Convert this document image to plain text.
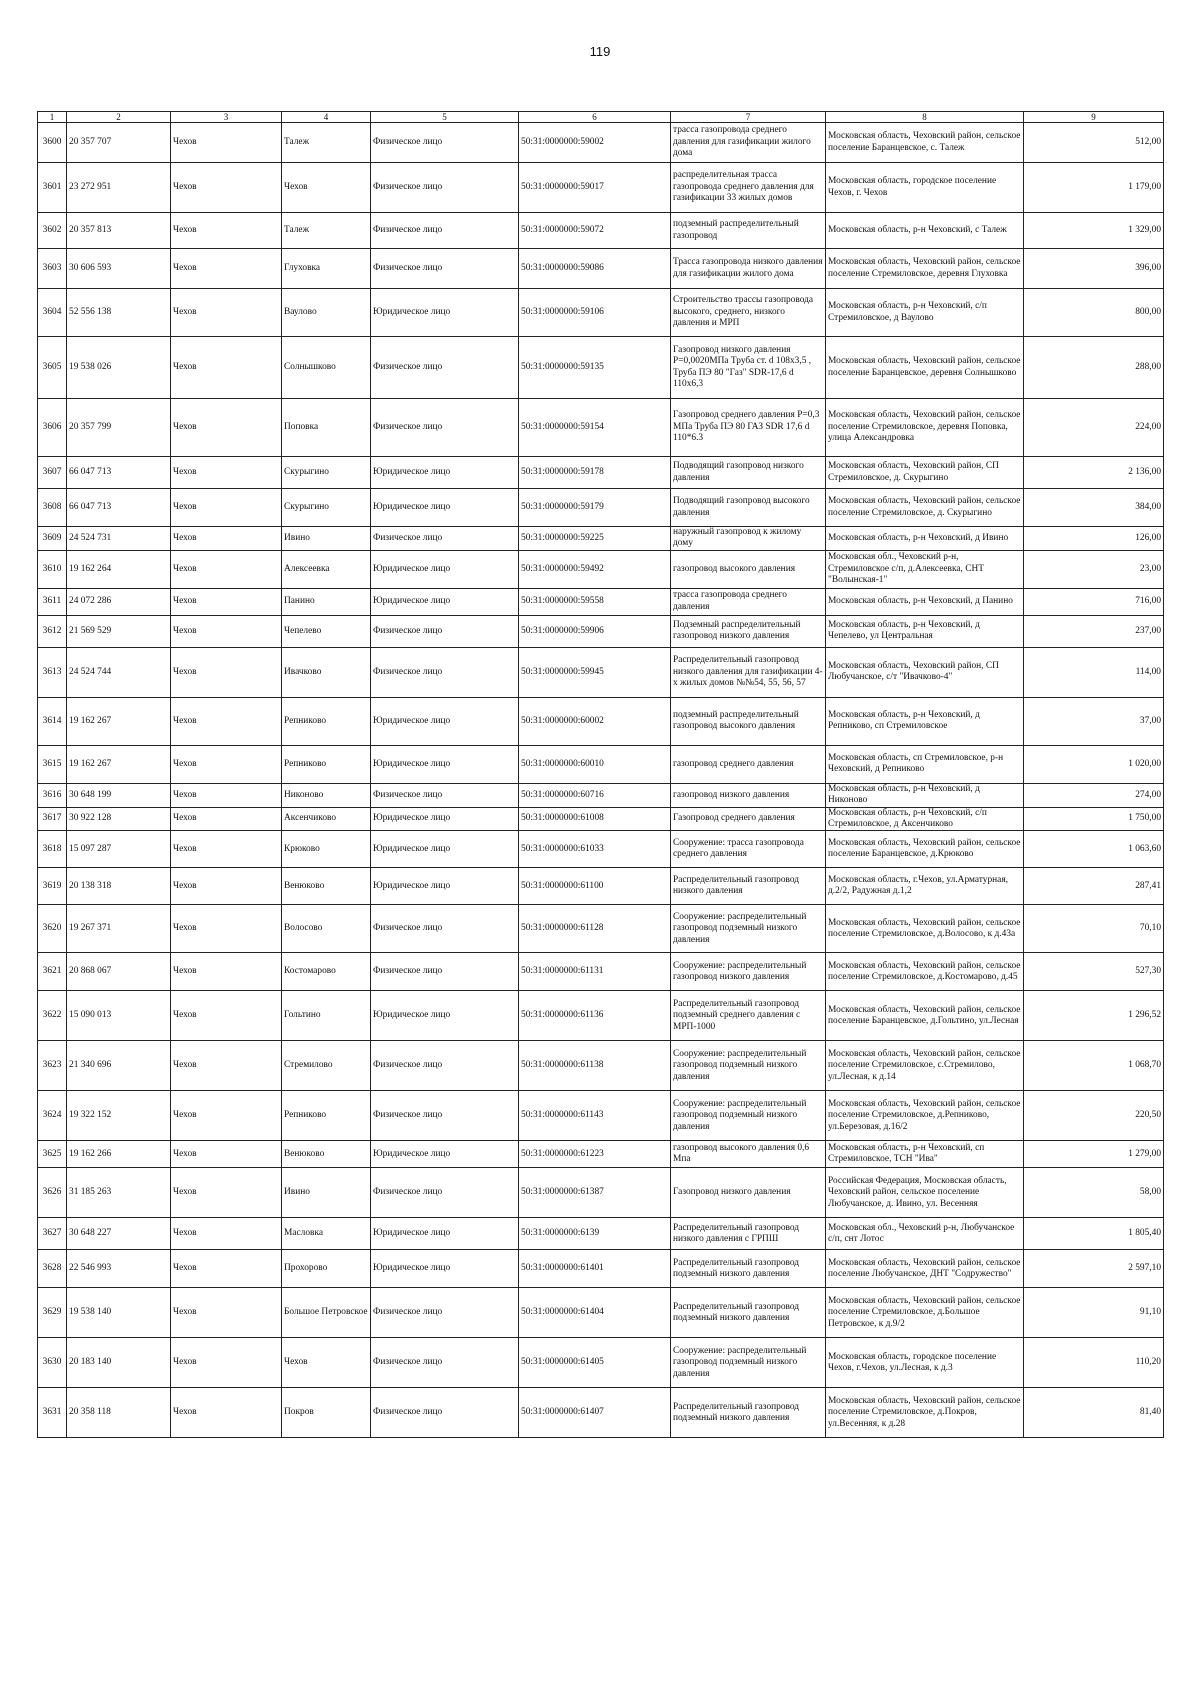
119
1	2	3	4	5	6	7	8	9
3600	20 357 707	Чехов	Талеж	Физическое лицо	50:31:0000000:59002	трасса газопровода среднего давления для газификации жилого дома	Московская область, Чеховский район, сельское поселение Баранцевское, с. Талеж	512,00
3601	23 272 951	Чехов	Чехов	Физическое лицо	50:31:0000000:59017	распределительная трасса газопровода среднего давления для газификации 33 жилых домов	Московская область, городское поселение Чехов, г. Чехов	1 179,00
3602	20 357 813	Чехов	Талеж	Физическое лицо	50:31:0000000:59072	подземный распределительный газопровод	Московская область, р-н Чеховский, с Талеж	1 329,00
3603	30 606 593	Чехов	Глуховка	Физическое лицо	50:31:0000000:59086	Трасса газопровода низкого давления для газификации жилого дома	Московская область, Чеховский район, сельское поселение Стремиловское, деревня Глуховка	396,00
3604	52 556 138	Чехов	Ваулово	Юридическое лицо	50:31:0000000:59106	Строительство трассы газопровода высокого, среднего, низкого давления и МРП	Московская область, р-н Чеховский, с/п Стремиловское, д Ваулово	800,00
3605	19 538 026	Чехов	Солнышково	Физическое лицо	50:31:0000000:59135	Газопровод низкого давления P=0,0020МПа Труба ст. d 108х3,5 , Труба ПЭ 80 "Газ" SDR-17,6 d 110х6,3	Московская область, Чеховский район, сельское поселение Баранцевское, деревня Солнышково	288,00
3606	20 357 799	Чехов	Поповка	Физическое лицо	50:31:0000000:59154	Газопровод среднего давления P=0,3 МПа Труба ПЭ 80 ГАЗ SDR 17,6 d 110*6.3	Московская область, Чеховский район, сельское поселение Стремиловское, деревня Поповка, улица Александровка	224,00
3607	66 047 713	Чехов	Скурыгино	Юридическое лицо	50:31:0000000:59178	Подводящий газопровод низкого давления	Московская область, Чеховский район, СП Стремиловское, д. Скурыгино	2 136,00
3608	66 047 713	Чехов	Скурыгино	Юридическое лицо	50:31:0000000:59179	Подводящий газопровод высокого давления	Московская область, Чеховский район, сельское поселение Стремиловское, д. Скурыгино	384,00
3609	24 524 731	Чехов	Ивино	Физическое лицо	50:31:0000000:59225	наружный газопровод к жилому дому	Московская область, р-н Чеховский, д Ивино	126,00
3610	19 162 264	Чехов	Алексеевка	Юридическое лицо	50:31:0000000:59492	газопровод высокого давления	Московская обл., Чеховский р-н, Стремиловское с/п, д.Алексеевка, СНТ "Волынская-1"	23,00
3611	24 072 286	Чехов	Панино	Юридическое лицо	50:31:0000000:59558	трасса газопровода среднего давления	Московская область, р-н Чеховский, д Панино	716,00
3612	21 569 529	Чехов	Чепелево	Физическое лицо	50:31:0000000:59906	Подземный распределительный газопровод низкого давления	Московская область, р-н Чеховский, д Чепелево, ул Центральная	237,00
3613	24 524 744	Чехов	Ивачково	Физическое лицо	50:31:0000000:59945	Распределительный газопровод низкого давления для газификации 4-х жилых домов №№54, 55, 56, 57	Московская область, Чеховский район, СП Любучанское, с/т "Ивачково-4"	114,00
3614	19 162 267	Чехов	Репниково	Юридическое лицо	50:31:0000000:60002	подземный распределительный газопровод высокого давления	Московская область, р-н Чеховский, д Репниково, сп Стремиловское	37,00
3615	19 162 267	Чехов	Репниково	Юридическое лицо	50:31:0000000:60010	газопровод среднего давления	Московская область, сп Стремиловское, р-н Чеховский, д Репниково	1 020,00
3616	30 648 199	Чехов	Никоново	Физическое лицо	50:31:0000000:60716	газопровод низкого давления	Московская область, р-н Чеховский, д Никоново	274,00
3617	30 922 128	Чехов	Аксенчиково	Юридическое лицо	50:31:0000000:61008	Газопровод среднего давления	Московская область, р-н Чеховский, с/п Стремиловское, д Аксенчиково	1 750,00
3618	15 097 287	Чехов	Крюково	Юридическое лицо	50:31:0000000:61033	Сооружение: трасса газопровода среднего давления	Московская область, Чеховский район, сельское поселение Баранцевское, д.Крюково	1 063,60
3619	20 138 318	Чехов	Венюково	Юридическое лицо	50:31:0000000:61100	Распределительный газопровод низкого давления	Московская область, г.Чехов, ул.Арматурная, д.2/2, Радужная д.1,2	287,41
3620	19 267 371	Чехов	Волосово	Физическое лицо	50:31:0000000:61128	Сооружение: распределительный газопровод подземный низкого давления	Московская область, Чеховский район, сельское поселение Стремиловское, д.Волосово, к д.43а	70,10
3621	20 868 067	Чехов	Костомарово	Физическое лицо	50:31:0000000:61131	Сооружение: распределительный газопровод низкого давления	Московская область, Чеховский район, сельское поселение Стремиловское, д.Костомарово, д.45	527,30
3622	15 090 013	Чехов	Гольтино	Юридическое лицо	50:31:0000000:61136	Распределительный газопровод подземный среднего давления с МРП-1000	Московская область, Чеховский район, сельское поселение Баранцевское, д.Гольтино, ул.Лесная	1 296,52
3623	21 340 696	Чехов	Стремилово	Физическое лицо	50:31:0000000:61138	Сооружение: распределительный газопровод подземный низкого давления	Московская область, Чеховский район, сельское поселение Стремиловское, с.Стремилово, ул.Лесная, к д.14	1 068,70
3624	19 322 152	Чехов	Репниково	Физическое лицо	50:31:0000000:61143	Сооружение: распределительный газопровод подземный низкого давления	Московская область, Чеховский район, сельское поселение Стремиловское, д.Репниково, ул.Березовая, д.16/2	220,50
3625	19 162 266	Чехов	Венюково	Юридическое лицо	50:31:0000000:61223	газопровод высокого давления 0,6 Мпа	Московская область, р-н Чеховский, сп Стремиловское, ТСН "Ива"	1 279,00
3626	31 185 263	Чехов	Ивино	Физическое лицо	50:31:0000000:61387	Газопровод низкого давления	Российская Федерация, Московская область, Чеховский район, сельское поселение Любучанское, д. Ивино, ул. Весенняя	58,00
3627	30 648 227	Чехов	Масловка	Юридическое лицо	50:31:0000000:6139	Распределительный газопровод низкого давления с ГРПШ	Московская обл., Чеховский р-н, Любучанское с/п, снт Лотос	1 805,40
3628	22 546 993	Чехов	Прохорово	Юридическое лицо	50:31:0000000:61401	Распределительный газопровод подземный низкого давления	Московская область, Чеховский район, сельское поселение Любучанское, ДНТ "Содружество"	2 597,10
3629	19 538 140	Чехов	Большое Петровское	Физическое лицо	50:31:0000000:61404	Распределительный газопровод подземный низкого давления	Московская область, Чеховский район, сельское поселение Стремиловское, д.Большое Петровское, к д.9/2	91,10
3630	20 183 140	Чехов	Чехов	Физическое лицо	50:31:0000000:61405	Сооружение: распределительный газопровод подземный низкого давления	Московская область, городское поселение Чехов, г.Чехов, ул.Лесная, к д.3	110,20
3631	20 358 118	Чехов	Покров	Физическое лицо	50:31:0000000:61407	Распределительный газопровод подземный низкого давления	Московская область, Чеховский район, сельское поселение Стремиловское, д.Покров, ул.Весенняя, к д.28	81,40
